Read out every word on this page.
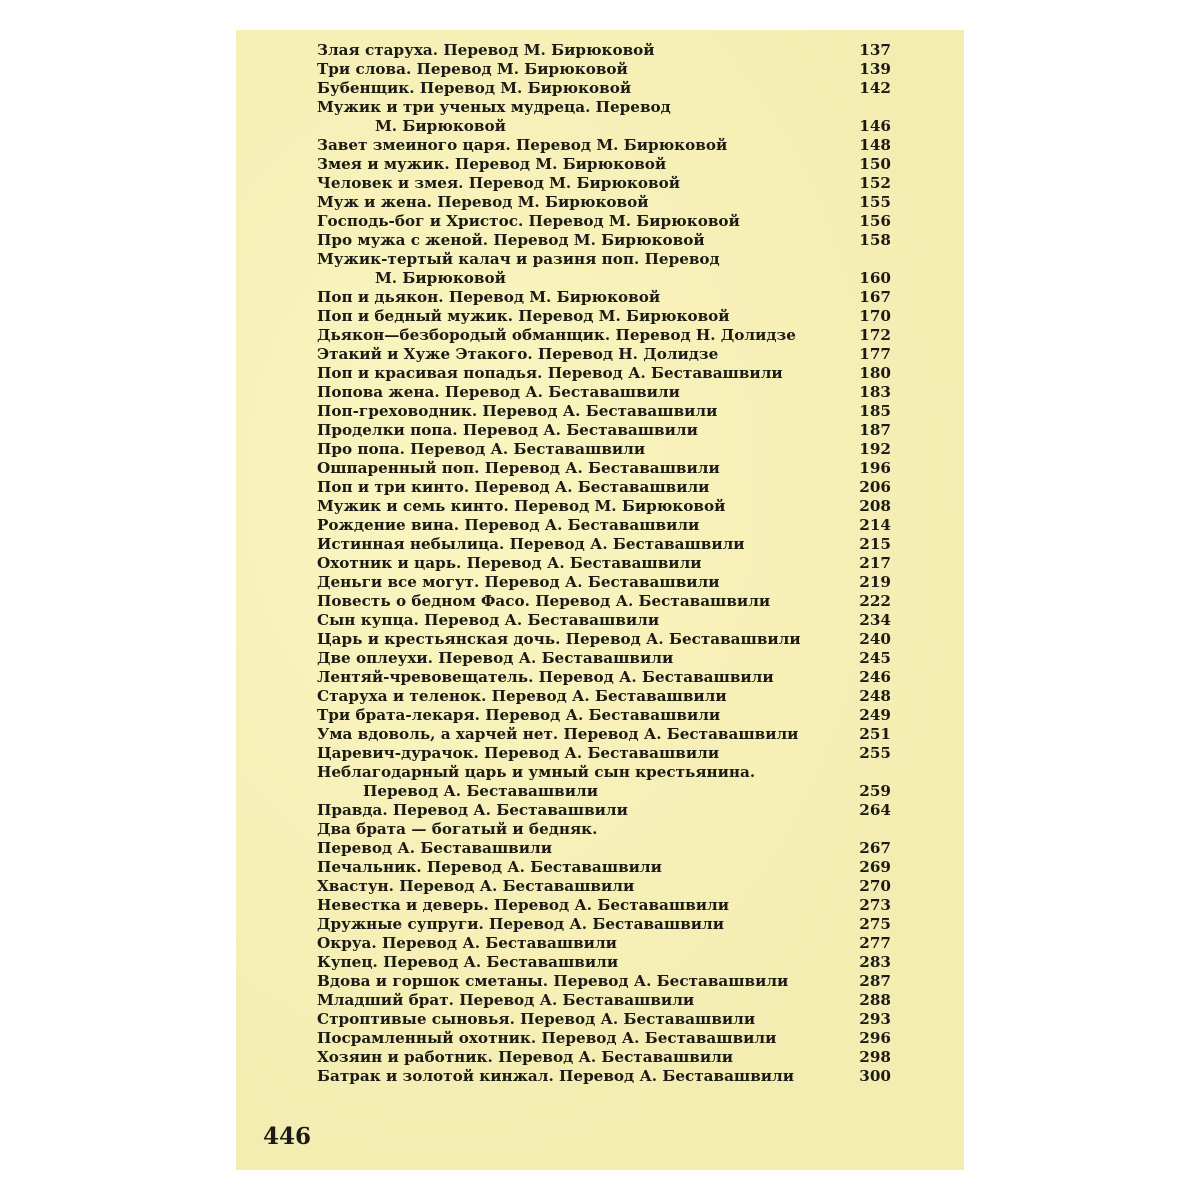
Злая старуха. Перевод М. Бирюковой	137
Три слова. Перевод М. Бирюковой	139
Бубенщик. Перевод М. Бирюковой	142
Мужик и три ученых мудреца. Перевод
М. Бирюковой	146
Завет змеиного царя. Перевод М. Бирюковой	148
Змея и мужик. Перевод М. Бирюковой	150
Человек и змея. Перевод М. Бирюковой	152
Муж и жена. Перевод М. Бирюковой	155
Господь-бог и Христос. Перевод М. Бирюковой	156
Про мужа с женой. Перевод М. Бирюковой	158
Мужик-тертый калач и разиня поп. Перевод
М. Бирюковой	160
Поп и дьякон. Перевод М. Бирюковой	167
Поп и бедный мужик. Перевод М. Бирюковой	170
Дьякон—безбородый обманщик. Перевод Н. Долидзе	172
Этакий и Хуже Этакого. Перевод Н. Долидзе	177
Поп и красивая попадья. Перевод А. Беставашвили	180
Попова жена. Перевод А. Беставашвили	183
Поп-греховодник. Перевод А. Беставашвили	185
Проделки попа. Перевод А. Беставашвили	187
Про попа. Перевод А. Беставашвили	192
Ошпаренный поп. Перевод А. Беставашвили	196
Поп и три кинто. Перевод А. Беставашвили	206
Мужик и семь кинто. Перевод М. Бирюковой	208
Рождение вина. Перевод А. Беставашвили	214
Истинная небылица. Перевод А. Беставашвили	215
Охотник и царь. Перевод А. Беставашвили	217
Деньги все могут. Перевод А. Беставашвили	219
Повесть о бедном Фасо. Перевод А. Беставашвили	222
Сын купца. Перевод А. Беставашвили	234
Царь и крестьянская дочь. Перевод А. Беставашвили	240
Две оплеухи. Перевод А. Беставашвили	245
Лентяй-чревовещатель. Перевод А. Беставашвили	246
Старуха и теленок. Перевод А. Беставашвили	248
Три брата-лекаря. Перевод А. Беставашвили	249
Ума вдоволь, а харчей нет. Перевод А. Беставашвили	251
Царевич-дурачок. Перевод А. Беставашвили	255
Неблагодарный царь и умный сын крестьянина.
Перевод А. Беставашвили	259
Правда. Перевод А. Беставашвили	264
Два брата — богатый и бедняк.
Перевод А. Беставашвили	267
Печальник. Перевод А. Беставашвили	269
Хвастун. Перевод А. Беставашвили	270
Невестка и деверь. Перевод А. Беставашвили	273
Дружные супруги. Перевод А. Беставашвили	275
Окруа. Перевод А. Беставашвили	277
Купец. Перевод А. Беставашвили	283
Вдова и горшок сметаны. Перевод А. Беставашвили	287
Младший брат. Перевод А. Беставашвили	288
Строптивые сыновья. Перевод А. Беставашвили	293
Посрамленный охотник. Перевод А. Беставашвили	296
Хозяин и работник. Перевод А. Беставашвили	298
Батрак и золотой кинжал. Перевод А. Беставашвили	300
446
